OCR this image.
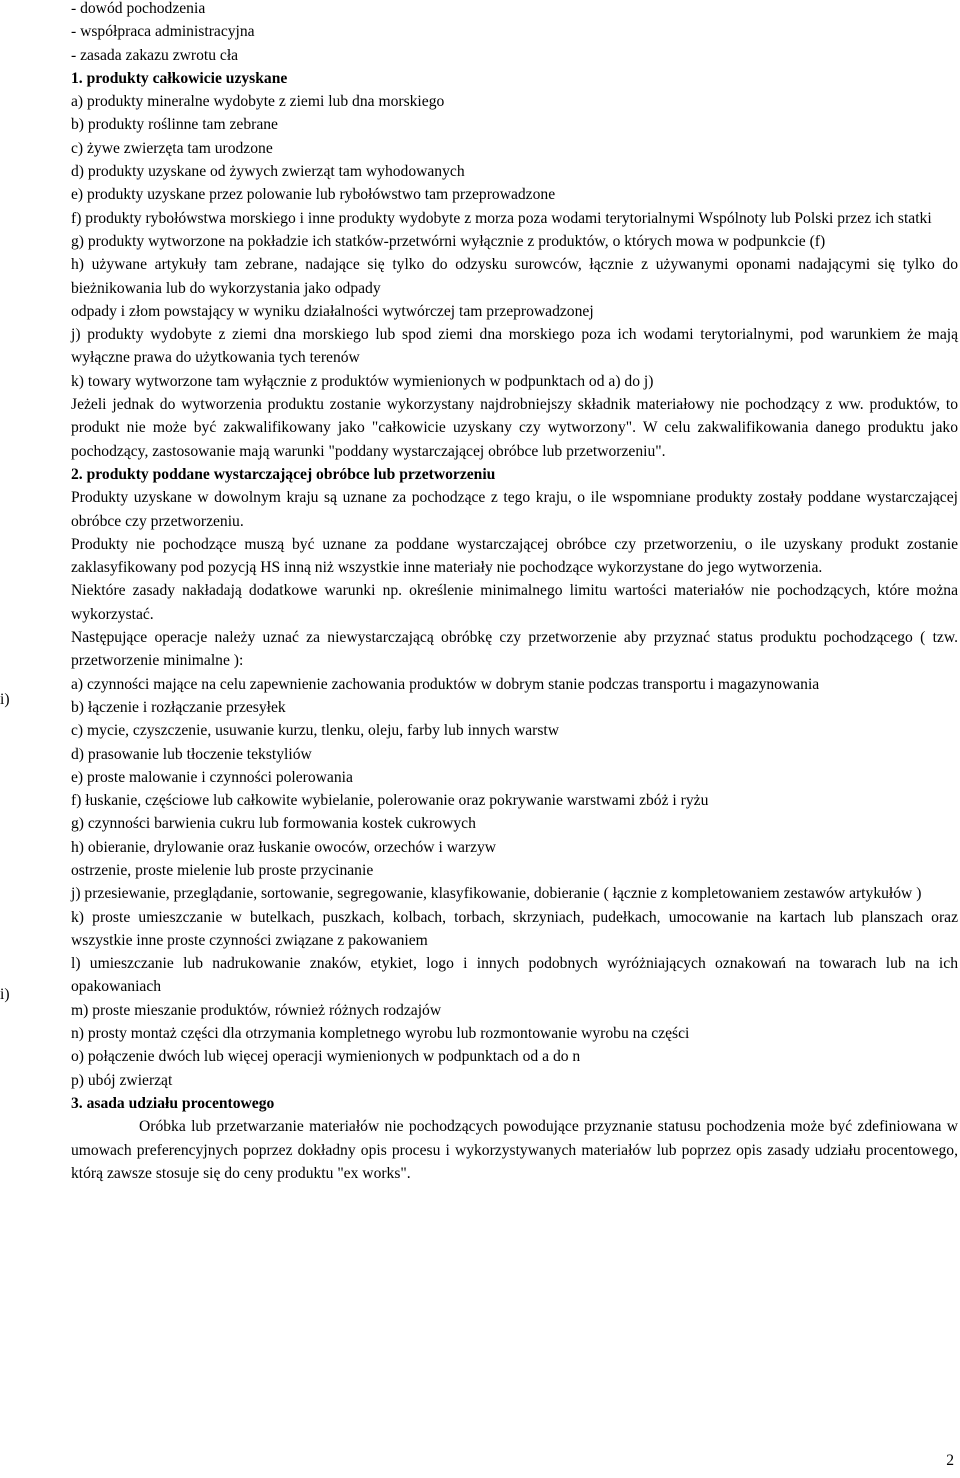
i)
i)
- dowód pochodzenia
- współpraca administracyjna
- zasada zakazu zwrotu cła
1. produkty całkowicie uzyskane
a) produkty mineralne wydobyte z ziemi lub dna morskiego
b) produkty roślinne tam zebrane
c) żywe zwierzęta tam urodzone
d) produkty uzyskane od żywych zwierząt tam wyhodowanych
e) produkty uzyskane przez polowanie lub rybołówstwo tam przeprowadzone
f) produkty rybołówstwa morskiego i inne produkty wydobyte z morza poza wodami terytorialnymi Wspólnoty lub Polski przez ich statki
g) produkty wytworzone na pokładzie ich statków-przetwórni wyłącznie z produktów, o których mowa w podpunkcie (f)
h) używane artykuły tam zebrane, nadające się tylko do odzysku surowców, łącznie z używanymi oponami nadającymi się tylko do bieżnikowania lub do wykorzystania jako odpady
odpady i złom powstający w wyniku działalności wytwórczej tam przeprowadzonej
j) produkty wydobyte z ziemi dna morskiego lub spod ziemi dna morskiego poza ich wodami terytorialnymi, pod warunkiem że mają wyłączne prawa do użytkowania tych terenów
k) towary wytworzone tam wyłącznie z produktów wymienionych w podpunktach od a) do j)
Jeżeli jednak do wytworzenia produktu zostanie wykorzystany najdrobniejszy składnik materiałowy nie pochodzący z ww. produktów, to produkt nie może być zakwalifikowany jako "całkowicie uzyskany czy wytworzony". W celu zakwalifikowania danego produktu jako pochodzący, zastosowanie mają warunki "poddany wystarczającej obróbce lub przetworzeniu".
2. produkty poddane wystarczającej obróbce lub przetworzeniu
Produkty uzyskane w dowolnym kraju są uznane za pochodzące z tego kraju, o ile wspomniane produkty zostały poddane wystarczającej obróbce czy przetworzeniu.
Produkty nie pochodzące muszą być uznane za poddane wystarczającej obróbce czy przetworzeniu, o ile uzyskany produkt zostanie zaklasyfikowany pod pozycją HS inną niż wszystkie inne materiały nie pochodzące wykorzystane do jego wytworzenia.
Niektóre zasady nakładają dodatkowe warunki np. określenie minimalnego limitu wartości materiałów nie pochodzących, które można wykorzystać.
Następujące operacje należy uznać za niewystarczającą obróbkę czy przetworzenie aby przyznać status produktu pochodzącego ( tzw. przetworzenie minimalne ):
a) czynności mające na celu zapewnienie zachowania produktów w dobrym stanie podczas transportu i magazynowania
b) łączenie i rozłączanie przesyłek
c) mycie, czyszczenie, usuwanie kurzu, tlenku, oleju, farby lub innych warstw
d) prasowanie lub tłoczenie tekstyliów
e) proste malowanie i czynności polerowania
f) łuskanie, częściowe lub całkowite wybielanie, polerowanie oraz pokrywanie warstwami zbóż i ryżu
g) czynności barwienia cukru lub formowania kostek cukrowych
h) obieranie, drylowanie oraz łuskanie owoców, orzechów i warzyw
ostrzenie, proste mielenie lub proste przycinanie
j) przesiewanie, przeglądanie, sortowanie, segregowanie, klasyfikowanie, dobieranie ( łącznie z kompletowaniem zestawów artykułów )
k) proste umieszczanie w butelkach, puszkach, kolbach, torbach, skrzyniach, pudełkach, umocowanie na kartach lub planszach oraz wszystkie inne proste czynności związane z pakowaniem
l) umieszczanie lub nadrukowanie znaków, etykiet, logo i innych podobnych wyróżniających oznakowań na towarach lub na ich opakowaniach
m) proste mieszanie produktów, również różnych rodzajów
n) prosty montaż części dla otrzymania kompletnego wyrobu lub rozmontowanie wyrobu na części
o) połączenie dwóch lub więcej operacji wymienionych w podpunktach od a do n
p) ubój zwierząt
3. asada udziału procentowego
Oróbka lub przetwarzanie materiałów nie pochodzących powodujące przyznanie statusu pochodzenia może być zdefiniowana w umowach preferencyjnych poprzez dokładny opis procesu i wykorzystywanych materiałów lub poprzez opis zasady udziału procentowego, którą zawsze stosuje się do ceny produktu "ex works".
2
